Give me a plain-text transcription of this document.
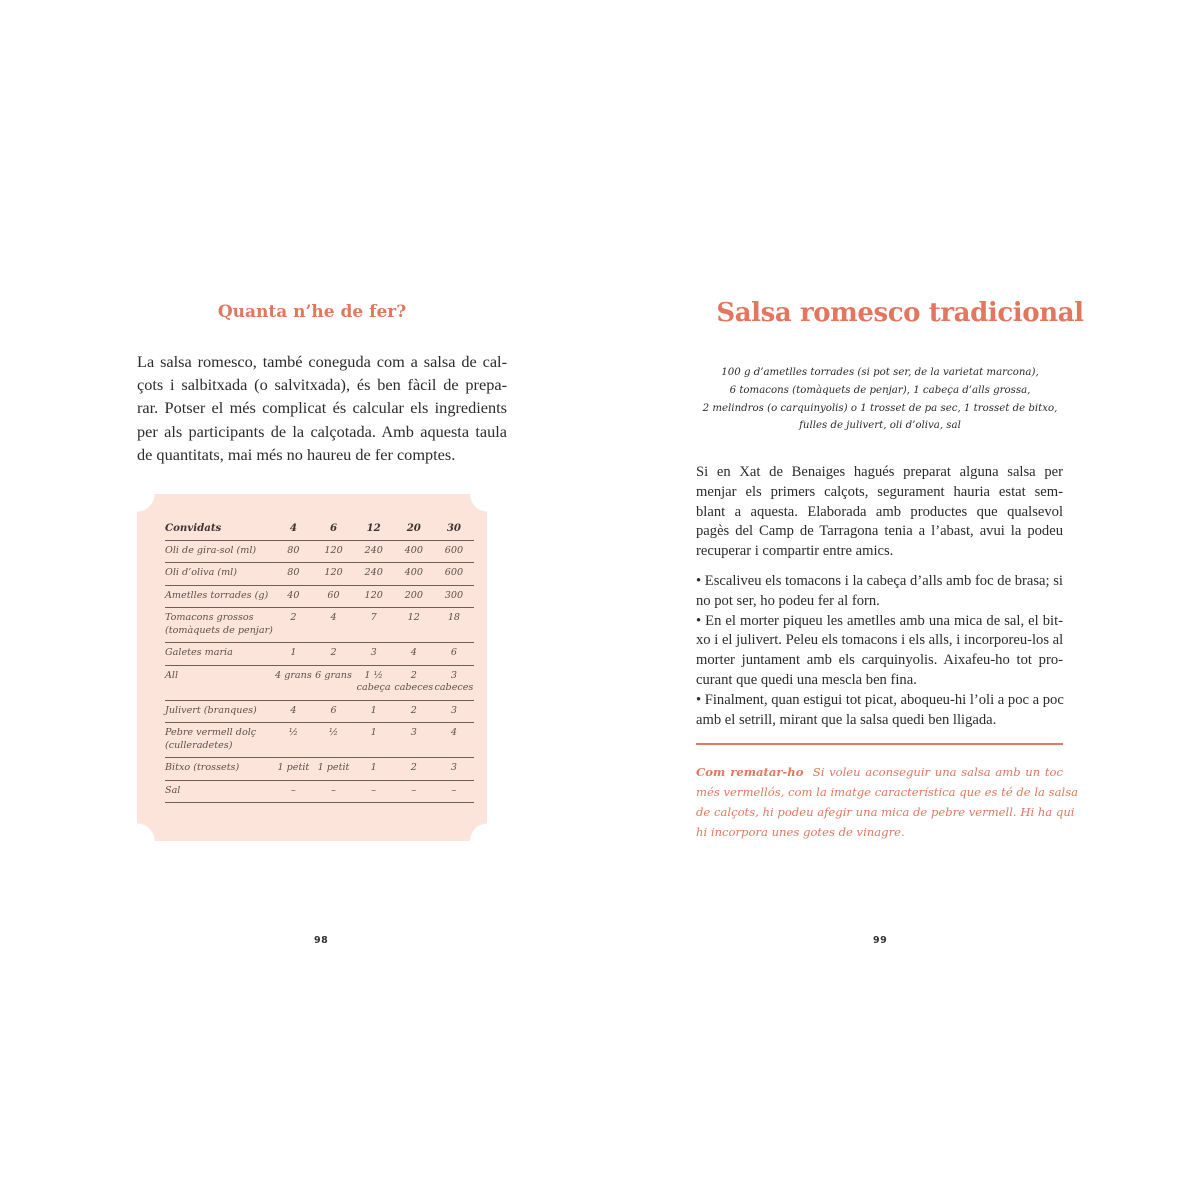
Quanta n’he de fer?
La salsa romesco, també coneguda com a salsa de cal-
çots i salbitxada (o salvitxada), és ben fàcil de prepa-
rar. Potser el més complicat és calcular els ingredients
per als participants de la calçotada. Amb aquesta taula
de quantitats, mai més no haureu de fer comptes.
Convidats	4	6	12	20	30
Oli de gira-sol (ml)	80	120	240	400	600
Oli d’oliva (ml)	80	120	240	400	600
Ametlles torrades (g)	40	60	120	200	300
Tomacons grossos (tomàquets de penjar)	2	4	7	12	18
Galetes maria	1	2	3	4	6
All	4 grans	6 grans	1 ½ cabeça	2 cabeces	3 cabeces
Julivert (branques)	4	6	1	2	3
Pebre vermell dolç (culleradetes)	½	½	1	3	4
Bitxo (trossets)	1 petit	1 petit	1	2	3
Sal	–	–	–	–	–
98
Salsa romesco tradicional
100 g d’ametlles torrades (si pot ser, de la varietat marcona),
6 tomacons (tomàquets de penjar), 1 cabeça d’alls grossa,
2 melindros (o carquinyolis) o 1 trosset de pa sec, 1 trosset de bitxo,
fulles de julivert, oli d’oliva, sal
Si en Xat de Benaiges hagués preparat alguna salsa per
menjar els primers calçots, segurament hauria estat sem-
blant a aquesta. Elaborada amb productes que qualsevol
pagès del Camp de Tarragona tenia a l’abast, avui la podeu
recuperar i compartir entre amics.
• Escaliveu els tomacons i la cabeça d’alls amb foc de brasa; si
no pot ser, ho podeu fer al forn.
• En el morter piqueu les ametlles amb una mica de sal, el bit-
xo i el julivert. Peleu els tomacons i els alls, i incorporeu-los al
morter juntament amb els carquinyolis. Aixafeu-ho tot pro-
curant que quedi una mescla ben fina.
• Finalment, quan estigui tot picat, aboqueu-hi l’oli a poc a poc
amb el setrill, mirant que la salsa quedi ben lligada.
Com rematar-ho Si voleu aconseguir una salsa amb un toc
més vermellós, com la imatge característica que es té de la salsa
de calçots, hi podeu afegir una mica de pebre vermell. Hi ha qui
hi incorpora unes gotes de vinagre.
99
